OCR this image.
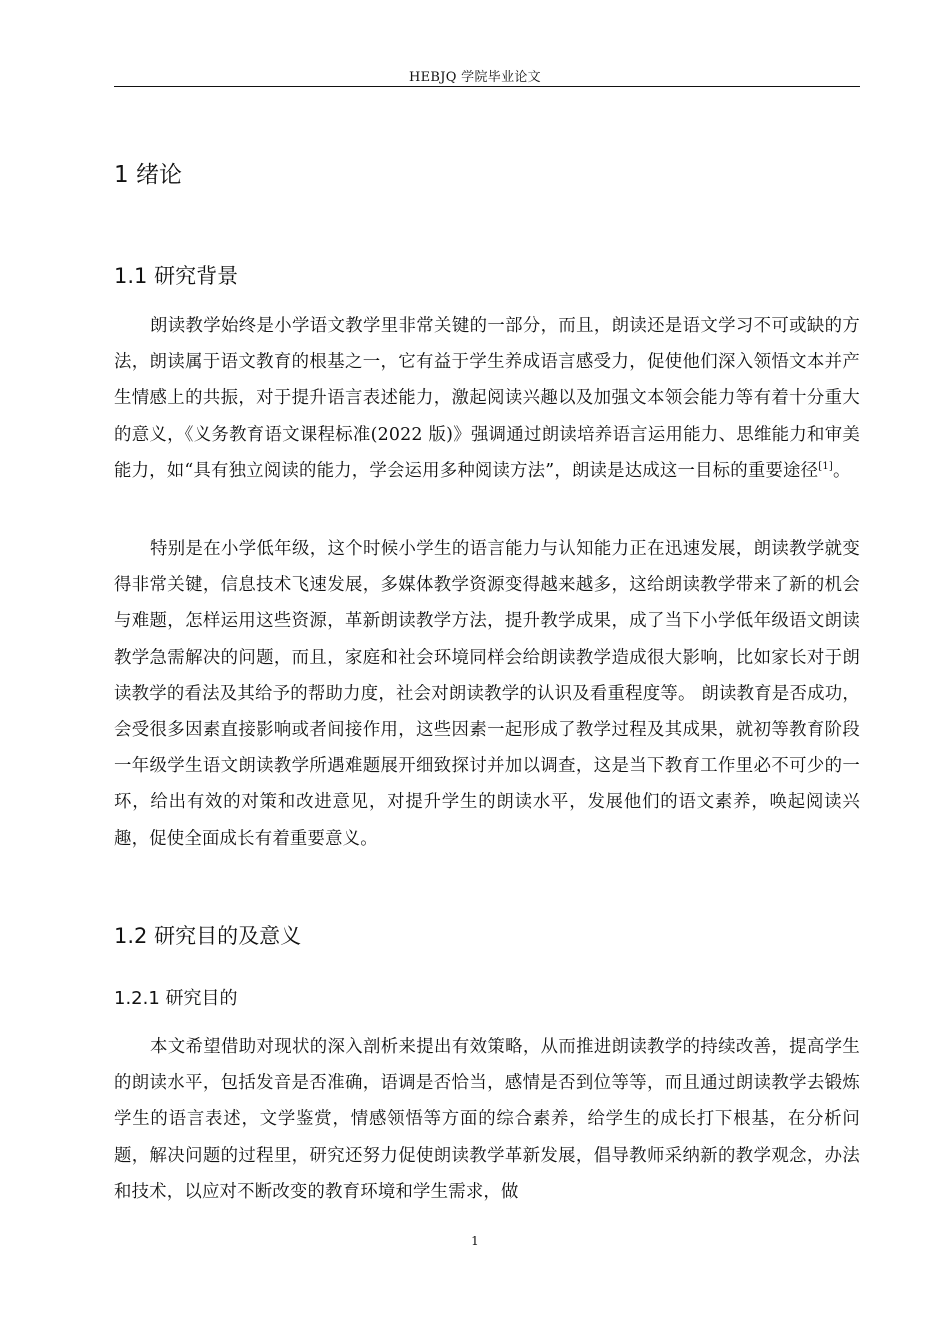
HEBJQ 学院毕业论文
1 绪论
1.1 研究背景
朗读教学始终是小学语文教学里非常关键的一部分，而且，朗读还是语文学习不可或缺的方法，朗读属于语文教育的根基之一，它有益于学生养成语言感受力，促使他们深入领悟文本并产生情感上的共振，对于提升语言表述能力，激起阅读兴趣以及加强文本领会能力等有着十分重大的意义，《义务教育语文课程标准(2022 版)》强调通过朗读培养语言运用能力、思维能力和审美能力，如“具有独立阅读的能力，学会运用多种阅读方法”，朗读是达成这一目标的重要途径[1]。
特别是在小学低年级，这个时候小学生的语言能力与认知能力正在迅速发展，朗读教学就变得非常关键，信息技术飞速发展，多媒体教学资源变得越来越多，这给朗读教学带来了新的机会与难题，怎样运用这些资源，革新朗读教学方法，提升教学成果，成了当下小学低年级语文朗读教学急需解决的问题，而且，家庭和社会环境同样会给朗读教学造成很大影响，比如家长对于朗读教学的看法及其给予的帮助力度，社会对朗读教学的认识及看重程度等。 朗读教育是否成功，会受很多因素直接影响或者间接作用，这些因素一起形成了教学过程及其成果，就初等教育阶段一年级学生语文朗读教学所遇难题展开细致探讨并加以调查，这是当下教育工作里必不可少的一环，给出有效的对策和改进意见，对提升学生的朗读水平，发展他们的语文素养，唤起阅读兴趣，促使全面成长有着重要意义。
1.2 研究目的及意义
1.2.1 研究目的
本文希望借助对现状的深入剖析来提出有效策略，从而推进朗读教学的持续改善，提高学生的朗读水平，包括发音是否准确，语调是否恰当，感情是否到位等等，而且通过朗读教学去锻炼学生的语言表述，文学鉴赏，情感领悟等方面的综合素养，给学生的成长打下根基，在分析问题，解决问题的过程里，研究还努力促使朗读教学革新发展，倡导教师采纳新的教学观念，办法和技术，以应对不断改变的教育环境和学生需求，做
1
